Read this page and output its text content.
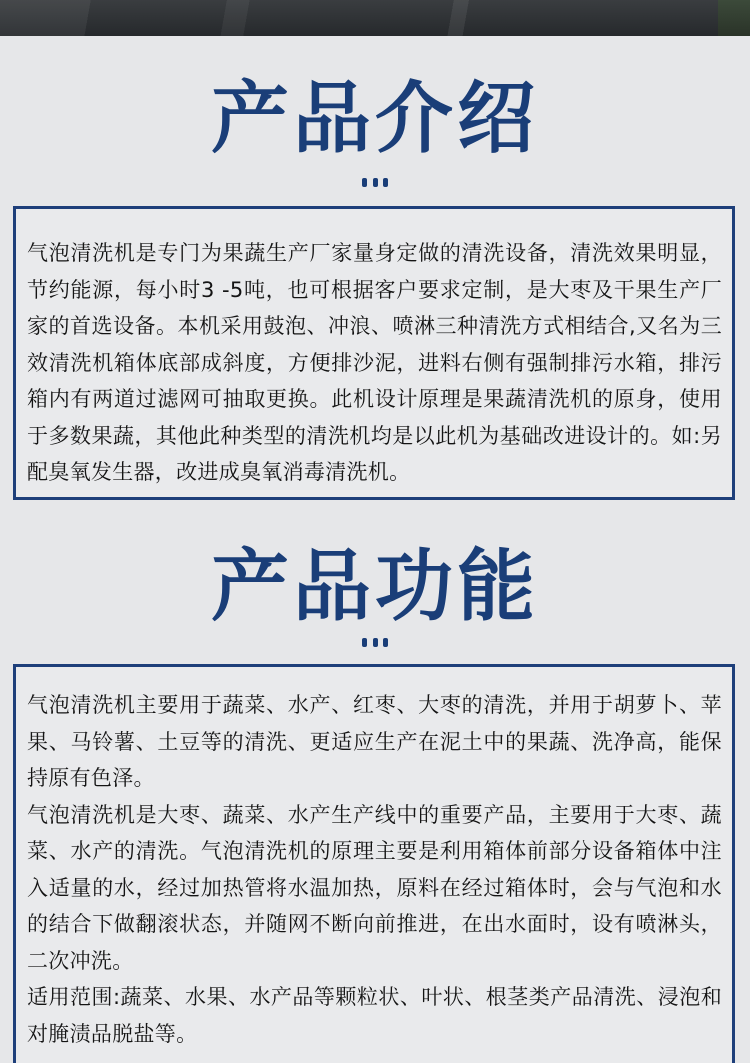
产品介绍

气泡清洗机是专门为果蔬生产厂家量身定做的清洗设备，清洗效果明显，节约能源，每小时3 -5吨，也可根据客户要求定制，是大枣及干果生产厂家的首选设备。本机采用鼓泡、冲浪、喷淋三种清洗方式相结合,又名为三效清洗机箱体底部成斜度，方便排沙泥，进料右侧有强制排污水箱，排污箱内有两道过滤网可抽取更换。此机设计原理是果蔬清洗机的原身，使用于多数果蔬，其他此种类型的清洗机均是以此机为基础改进设计的。如:另配臭氧发生器，改进成臭氧消毒清洗机。

产品功能

气泡清洗机主要用于蔬菜、水产、红枣、大枣的清洗，并用于胡萝卜、苹果、马铃薯、土豆等的清洗、更适应生产在泥土中的果蔬、洗净高，能保持原有色泽。

气泡清洗机是大枣、蔬菜、水产生产线中的重要产品，主要用于大枣、蔬菜、水产的清洗。气泡清洗机的原理主要是利用箱体前部分设备箱体中注入适量的水，经过加热管将水温加热，原料在经过箱体时，会与气泡和水的结合下做翻滚状态，并随网不断向前推进，在出水面时，设有喷淋头，二次冲洗。

适用范围:蔬菜、水果、水产品等颗粒状、叶状、根茎类产品清洗、浸泡和对腌渍品脱盐等。
